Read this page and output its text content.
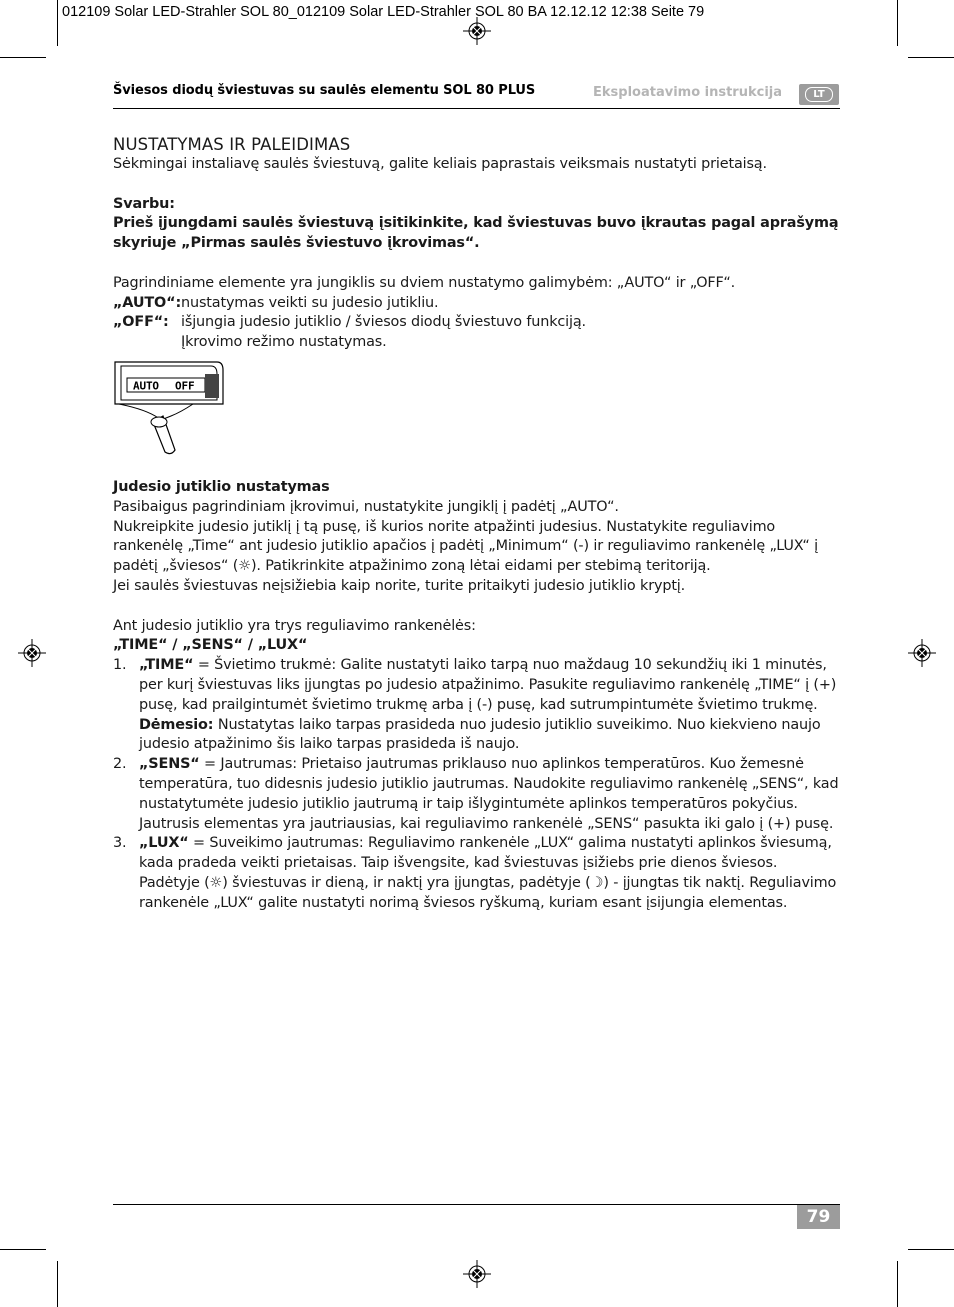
012109 Solar LED-Strahler SOL 80_012109 Solar LED-Strahler SOL 80 BA 12.12.12 12:38 Seite 79
Šviesos diodų šviestuvas su saulės elementu SOL 80 PLUS	Eksploatavimo instrukcija	LT

NUSTATYMAS IR PALEIDIMAS

Sėkmingai instaliavę saulės šviestuvą, galite keliais paprastais veiksmais nustatyti prietaisą.

Svarbu:

Prieš įjungdami saulės šviestuvą įsitikinkite, kad šviestuvas buvo įkrautas pagal aprašymą skyriuje „Pirmas saulės šviestuvo įkrovimas“.

Pagrindiniame elemente yra jungiklis su dviem nustatymo galimybėm: „AUTO“ ir „OFF“.

„AUTO“: nustatymas veikti su judesio jutikliu.
„OFF“: išjungia judesio jutiklio / šviesos diodų šviestuvo funkciją.
Įkrovimo režimo nustatymas.
AUTO OFF

Judesio jutiklio nustatymas

Pasibaigus pagrindiniam įkrovimui, nustatykite jungiklį į padėtį „AUTO“.

Nukreipkite judesio jutiklį į tą pusę, iš kurios norite atpažinti judesius. Nustatykite reguliavimo rankenėlę „Time“ ant judesio jutiklio apačios į padėtį „Minimum“ (-) ir reguliavimo rankenėlę „LUX“ į padėtį „šviesos“ (☼). Patikrinkite atpažinimo zoną lėtai eidami per stebimą teritoriją.

Jei saulės šviestuvas neįsižiebia kaip norite, turite pritaikyti judesio jutiklio kryptį.

Ant judesio jutiklio yra trys reguliavimo rankenėlės:

„TIME“ / „SENS“ / „LUX“

1. „TIME“ = Švietimo trukmė: Galite nustatyti laiko tarpą nuo maždaug 10 sekundžių iki 1 minutės, per kurį šviestuvas liks įjungtas po judesio atpažinimo. Pasukite reguliavimo rankenėlę „TIME“ į (+) pusę, kad prailgintumėt švietimo trukmę arba į (-) pusę, kad sutrumpintumėte švietimo trukmę.
Dėmesio: Nustatytas laiko tarpas prasideda nuo judesio jutiklio suveikimo. Nuo kiekvieno naujo judesio atpažinimo šis laiko tarpas prasideda iš naujo.
2. „SENS“ = Jautrumas: Prietaiso jautrumas priklauso nuo aplinkos temperatūros. Kuo žemesnė temperatūra, tuo didesnis judesio jutiklio jautrumas. Naudokite reguliavimo rankenėlę „SENS“, kad nustatytumėte judesio jutiklio jautrumą ir taip išlygintumėte aplinkos temperatūros pokyčius. Jautrusis elementas yra jautriausias, kai reguliavimo rankenėlė „SENS“ pasukta iki galo į (+) pusę.
3. „LUX“ = Suveikimo jautrumas: Reguliavimo rankenėle „LUX“ galima nustatyti aplinkos šviesumą, kada pradeda veikti prietaisas. Taip išvengsite, kad šviestuvas įsižiebs prie dienos šviesos. Padėtyje (☼) šviestuvas ir dieną, ir naktį yra įjungtas, padėtyje (☽) - įjungtas tik naktį. Reguliavimo rankenėle „LUX“ galite nustatyti norimą šviesos ryškumą, kuriam esant įsijungia elementas.
79
